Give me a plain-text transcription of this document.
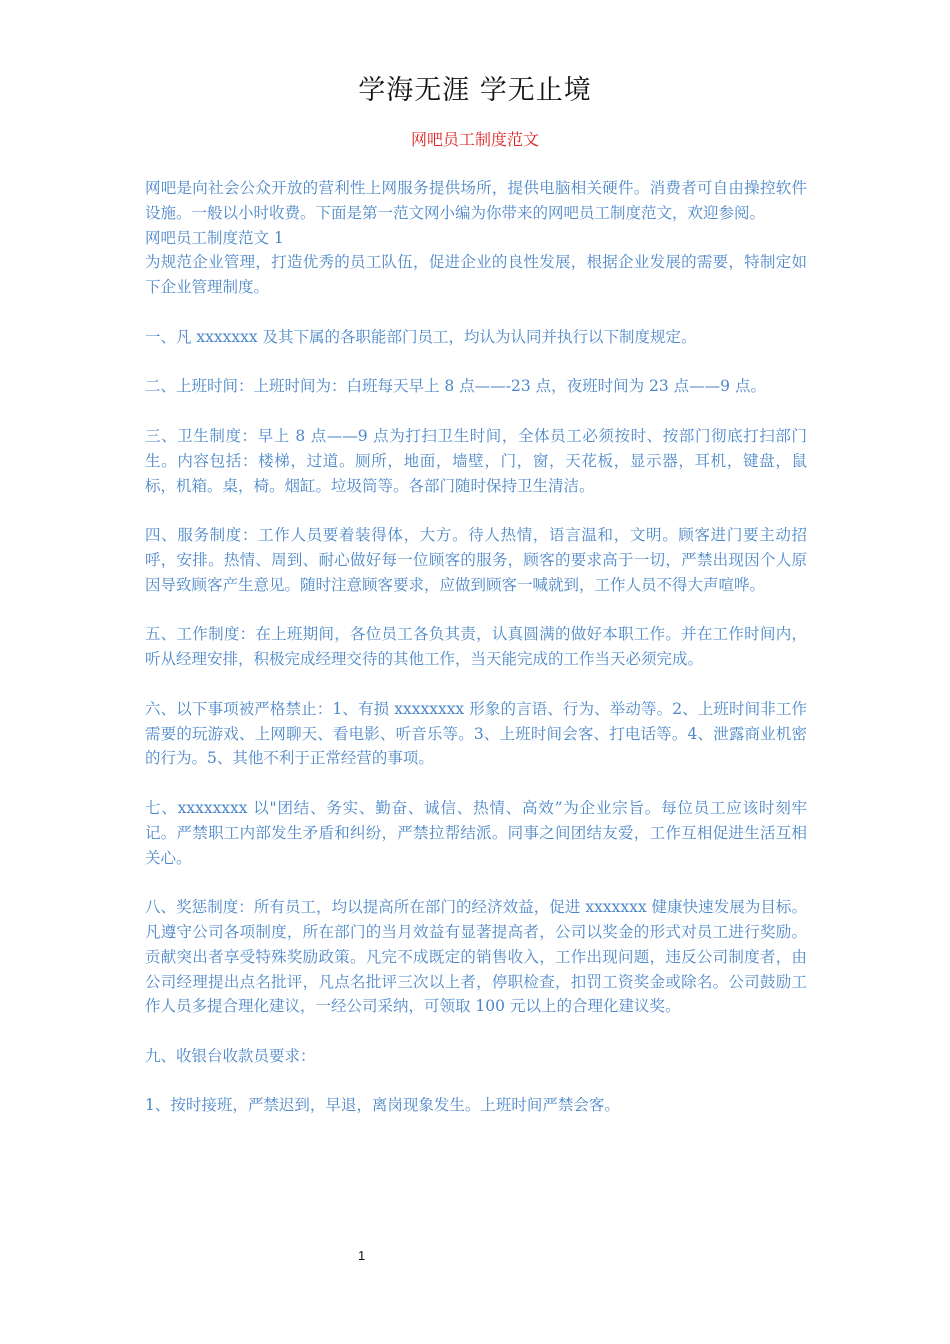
学海无涯 学无止境
网吧员工制度范文

网吧是向社会公众开放的营利性上网服务提供场所，提供电脑相关硬件。消费者可自由操控软件设施。一般以小时收费。下面是第一范文网小编为你带来的网吧员工制度范文，欢迎参阅。

网吧员工制度范文 1

为规范企业管理，打造优秀的员工队伍，促进企业的良性发展，根据企业发展的需要，特制定如下企业管理制度。

一、凡 xxxxxxx 及其下属的各职能部门员工，均认为认同并执行以下制度规定。

二、上班时间：上班时间为：白班每天早上 8 点——-23 点，夜班时间为 23 点——9 点。

三、卫生制度：早上 8 点——9 点为打扫卫生时间，全体员工必须按时、按部门彻底打扫部门生。内容包括：楼梯，过道。厕所，地面，墙壁，门，窗，天花板，显示器，耳机，键盘，鼠标，机箱。桌，椅。烟缸。垃圾筒等。各部门随时保持卫生清洁。

四、服务制度：工作人员要着装得体，大方。待人热情，语言温和，文明。顾客进门要主动招呼，安排。热情、周到、耐心做好每一位顾客的服务，顾客的要求高于一切，严禁出现因个人原因导致顾客产生意见。随时注意顾客要求，应做到顾客一喊就到，工作人员不得大声喧哗。

五、工作制度：在上班期间，各位员工各负其责，认真圆满的做好本职工作。并在工作时间内，听从经理安排，积极完成经理交待的其他工作，当天能完成的工作当天必须完成。

六、以下事项被严格禁止：1、有损 xxxxxxxx 形象的言语、行为、举动等。2、上班时间非工作需要的玩游戏、上网聊天、看电影、听音乐等。3、上班时间会客、打电话等。4、泄露商业机密的行为。5、其他不利于正常经营的事项。

七、xxxxxxxx 以"团结、务实、勤奋、诚信、热情、高效”为企业宗旨。每位员工应该时刻牢记。严禁职工内部发生矛盾和纠纷，严禁拉帮结派。同事之间团结友爱，工作互相促进生活互相关心。

八、奖惩制度：所有员工，均以提高所在部门的经济效益，促进 xxxxxxx 健康快速发展为目标。凡遵守公司各项制度，所在部门的当月效益有显著提高者，公司以奖金的形式对员工进行奖励。贡献突出者享受特殊奖励政策。凡完不成既定的销售收入，工作出现问题，违反公司制度者，由公司经理提出点名批评，凡点名批评三次以上者，停职检查，扣罚工资奖金或除名。公司鼓励工作人员多提合理化建议，一经公司采纳，可领取 100 元以上的合理化建议奖。

九、收银台收款员要求：

1、按时接班，严禁迟到，早退，离岗现象发生。上班时间严禁会客。

1
